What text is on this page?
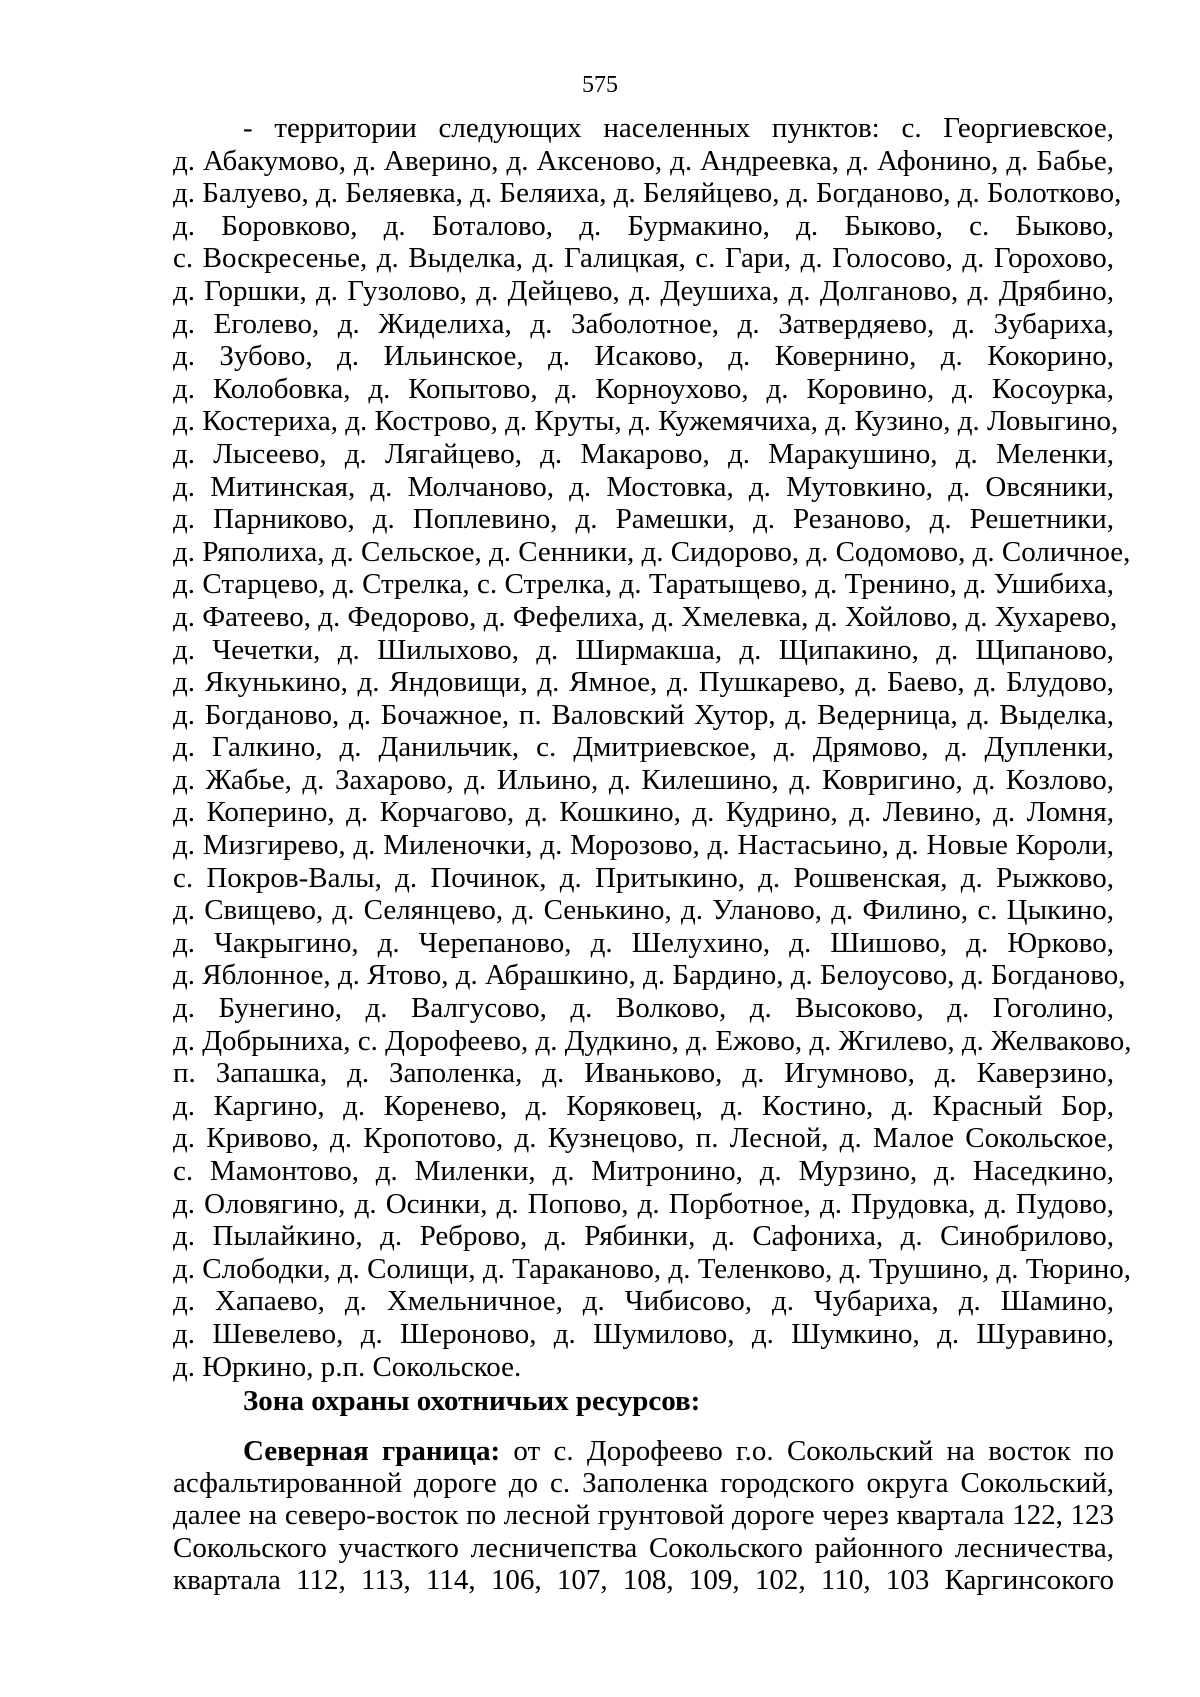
575
- территории следующих населенных пунктов: с. Георгиевское,
д. Абакумово, д. Аверино, д. Аксеново, д. Андреевка, д. Афонино, д. Бабье,
д. Балуево, д. Беляевка, д. Беляиха, д. Беляйцево, д. Богданово, д. Болотково,
д. Боровково, д. Боталово, д. Бурмакино, д. Быково, с. Быково,
с. Воскресенье, д. Выделка, д. Галицкая, с. Гари, д. Голосово, д. Горохово,
д. Горшки, д. Гузолово, д. Дейцево, д. Деушиха, д. Долганово, д. Дрябино,
д. Еголево, д. Жиделиха, д. Заболотное, д. Затвердяево, д. Зубариха,
д. Зубово, д. Ильинское, д. Исаково, д. Ковернино, д. Кокорино,
д. Колобовка, д. Копытово, д. Корноухово, д. Коровино, д. Косоурка,
д. Костериха, д. Кострово, д. Круты, д. Кужемячиха, д. Кузино, д. Ловыгино,
д. Лысеево, д. Лягайцево, д. Макарово, д. Маракушино, д. Меленки,
д. Митинская, д. Молчаново, д. Мостовка, д. Мутовкино, д. Овсяники,
д. Парниково, д. Поплевино, д. Рамешки, д. Резаново, д. Решетники,
д. Ряполиха, д. Сельское, д. Сенники, д. Сидорово, д. Содомово, д. Соличное,
д. Старцево, д. Стрелка, с. Стрелка, д. Таратыщево, д. Тренино, д. Ушибиха,
д. Фатеево, д. Федорово, д. Фефелиха, д. Хмелевка, д. Хойлово, д. Хухарево,
д. Чечетки, д. Шилыхово, д. Ширмакша, д. Щипакино, д. Щипаново,
д. Якунькино, д. Яндовищи, д. Ямное, д. Пушкарево, д. Баево, д. Блудово,
д. Богданово, д. Бочажное, п. Валовский Хутор, д. Ведерница, д. Выделка,
д. Галкино, д. Данильчик, с. Дмитриевское, д. Дрямово, д. Дупленки,
д. Жабье, д. Захарово, д. Ильино, д. Килешино, д. Ковригино, д. Козлово,
д. Коперино, д. Корчагово, д. Кошкино, д. Кудрино, д. Левино, д. Ломня,
д. Мизгирево, д. Миленочки, д. Морозово, д. Настасьино, д. Новые Короли,
с. Покров-Валы, д. Починок, д. Притыкино, д. Рошвенская, д. Рыжково,
д. Свищево, д. Селянцево, д. Сенькино, д. Уланово, д. Филино, с. Цыкино,
д. Чакрыгино, д. Черепаново, д. Шелухино, д. Шишово, д. Юрково,
д. Яблонное, д. Ятово, д. Абрашкино, д. Бардино, д. Белоусово, д. Богданово,
д. Бунегино, д. Валгусово, д. Волково, д. Высоково, д. Гоголино,
д. Добрыниха, с. Дорофеево, д. Дудкино, д. Ежово, д. Жгилево, д. Желваково,
п. Запашка, д. Заполенка, д. Иваньково, д. Игумново, д. Каверзино,
д. Каргино, д. Коренево, д. Коряковец, д. Костино, д. Красный Бор,
д. Кривово, д. Кропотово, д. Кузнецово, п. Лесной, д. Малое Сокольское,
с. Мамонтово, д. Миленки, д. Митронино, д. Мурзино, д. Наседкино,
д. Оловягино, д. Осинки, д. Попово, д. Порботное, д. Прудовка, д. Пудово,
д. Пылайкино, д. Реброво, д. Рябинки, д. Сафониха, д. Синобрилово,
д. Слободки, д. Солищи, д. Тараканово, д. Теленково, д. Трушино, д. Тюрино,
д. Хапаево, д. Хмельничное, д. Чибисово, д. Чубариха, д. Шамино,
д. Шевелево, д. Шероново, д. Шумилово, д. Шумкино, д. Шуравино,
д. Юркино, р.п. Сокольское.
Зона охраны охотничьих ресурсов:
Северная граница: от с. Дорофеево г.о. Сокольский на восток по
асфальтированной дороге до с. Заполенка городского округа Сокольский,
далее на северо-восток по лесной грунтовой дороге через квартала 122, 123
Сокольского участкого лесничепства Сокольского районного лесничества,
квартала 112, 113, 114, 106, 107, 108, 109, 102, 110, 103 Каргинсокого
